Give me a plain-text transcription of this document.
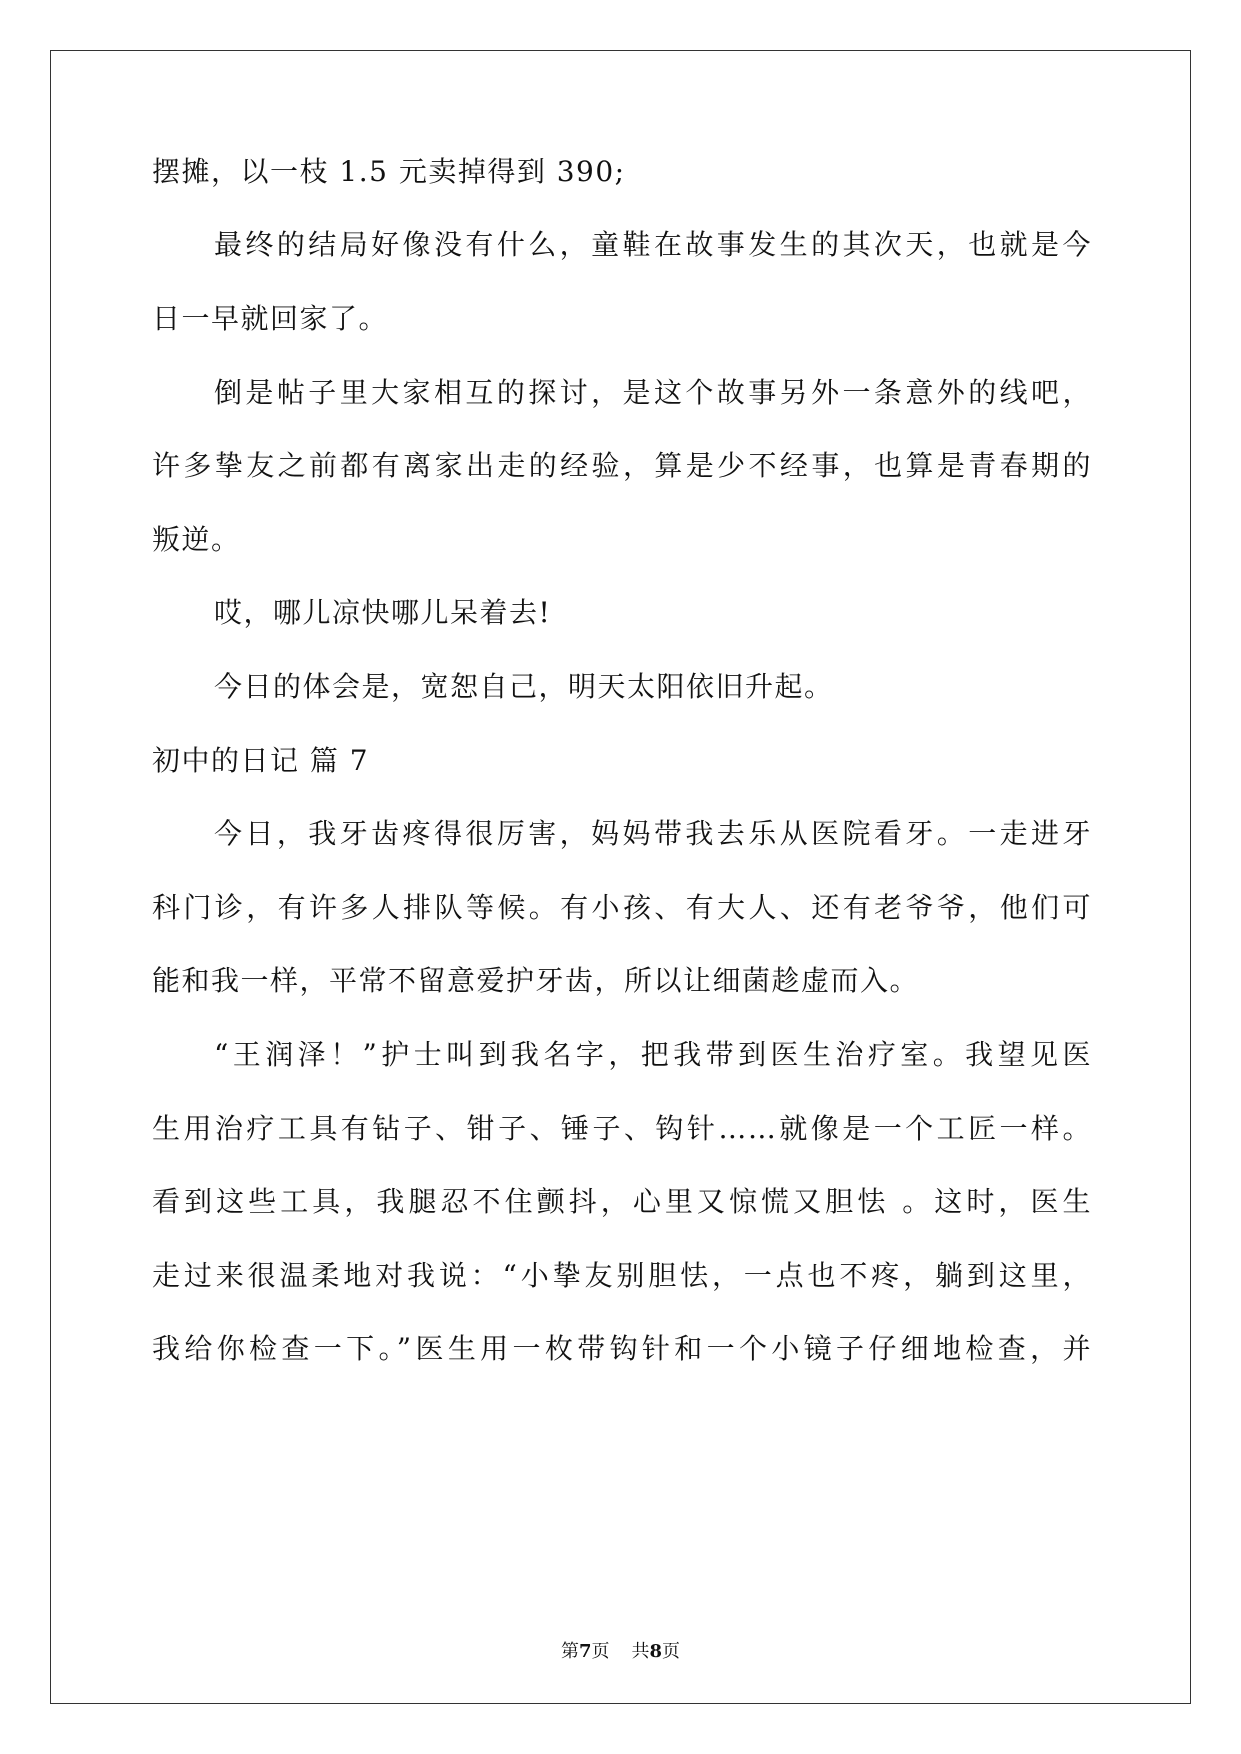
摆摊，以一枝 1.5 元卖掉得到 390;
最终的结局好像没有什么，童鞋在故事发生的其次天，也就是今
日一早就回家了。
倒是帖子里大家相互的探讨，是这个故事另外一条意外的线吧，
许多挚友之前都有离家出走的经验，算是少不经事，也算是青春期的
叛逆。
哎，哪儿凉快哪儿呆着去!
今日的体会是，宽恕自己，明天太阳依旧升起。
初中的日记 篇 7
今日，我牙齿疼得很厉害，妈妈带我去乐从医院看牙。一走进牙
科门诊，有许多人排队等候。有小孩、有大人、还有老爷爷，他们可
能和我一样，平常不留意爱护牙齿，所以让细菌趁虚而入。
“王润泽！”护士叫到我名字，把我带到医生治疗室。我望见医
生用治疗工具有钻子、钳子、锤子、钩针……就像是一个工匠一样。
看到这些工具，我腿忍不住颤抖，心里又惊慌又胆怯 。这时，医生
走过来很温柔地对我说：“小挚友别胆怯，一点也不疼，躺到这里，
我给你检查一下。”医生用一枚带钩针和一个小镜子仔细地检查，并
第7页 共8页
